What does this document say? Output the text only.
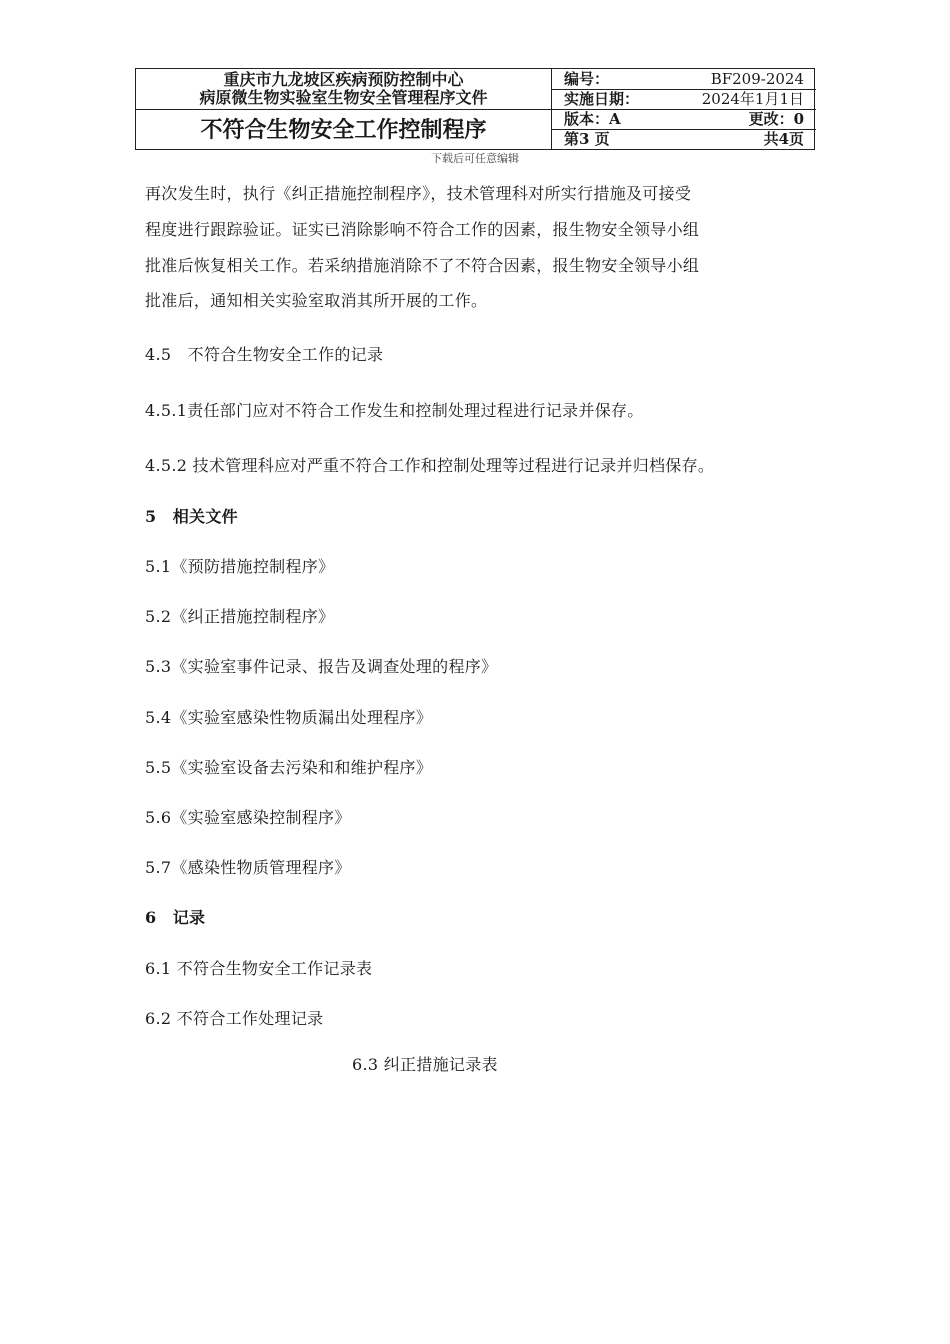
重庆市九龙坡区疾病预防控制中心
病原微生物实验室生物安全管理程序文件
不符合生物安全工作控制程序
编号：	BF209-2024
实施日期：	2024年1月1日
版本：A	更改：0
第3 页	共4页
下载后可任意编辑
再次发生时，执行《纠正措施控制程序》，技术管理科对所实行措施及可接受
程度进行跟踪验证。证实已消除影响不符合工作的因素，报生物安全领导小组
批准后恢复相关工作。若采纳措施消除不了不符合因素，报生物安全领导小组
批准后，通知相关实验室取消其所开展的工作。
4.5　不符合生物安全工作的记录
4.5.1责任部门应对不符合工作发生和控制处理过程进行记录并保存。
4.5.2 技术管理科应对严重不符合工作和控制处理等过程进行记录并归档保存。
5　相关文件
5.1《预防措施控制程序》
5.2《纠正措施控制程序》
5.3《实验室事件记录、报告及调查处理的程序》
5.4《实验室感染性物质漏出处理程序》
5.5《实验室设备去污染和和维护程序》
5.6《实验室感染控制程序》
5.7《感染性物质管理程序》
6　记录
6.1 不符合生物安全工作记录表
6.2 不符合工作处理记录
6.3 纠正措施记录表
